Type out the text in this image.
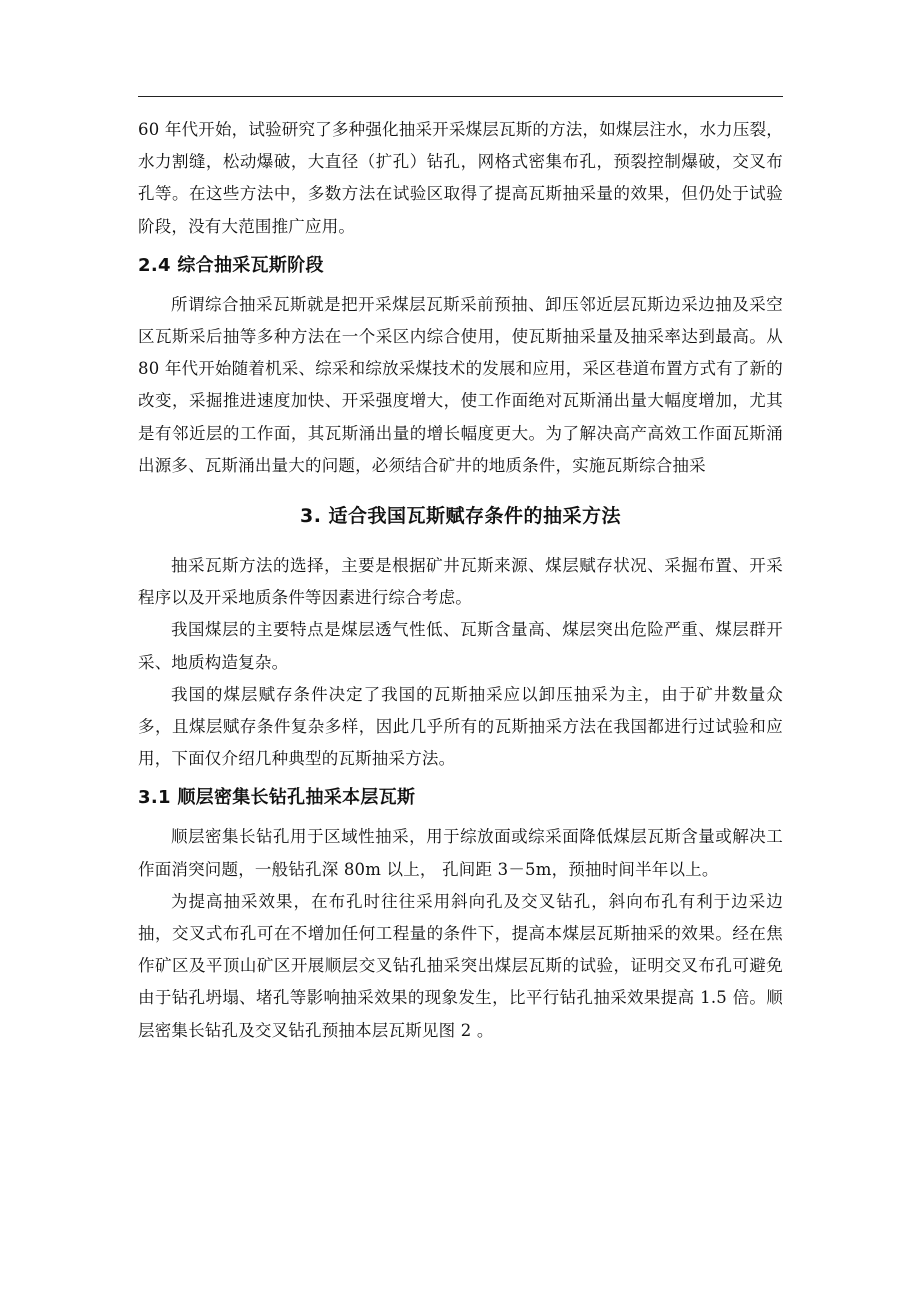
60 年代开始，试验研究了多种强化抽采开采煤层瓦斯的方法，如煤层注水，水力压裂，水力割缝，松动爆破，大直径（扩孔）钻孔，网格式密集布孔，预裂控制爆破，交叉布孔等。在这些方法中，多数方法在试验区取得了提高瓦斯抽采量的效果，但仍处于试验阶段，没有大范围推广应用。

2.4 综合抽采瓦斯阶段

所谓综合抽采瓦斯就是把开采煤层瓦斯采前预抽、卸压邻近层瓦斯边采边抽及采空区瓦斯采后抽等多种方法在一个采区内综合使用，使瓦斯抽采量及抽采率达到最高。从 80 年代开始随着机采、综采和综放采煤技术的发展和应用，采区巷道布置方式有了新的改变，采掘推进速度加快、开采强度增大，使工作面绝对瓦斯涌出量大幅度增加，尤其是有邻近层的工作面，其瓦斯涌出量的增长幅度更大。为了解决高产高效工作面瓦斯涌出源多、瓦斯涌出量大的问题，必须结合矿井的地质条件，实施瓦斯综合抽采

3. 适合我国瓦斯赋存条件的抽采方法

抽采瓦斯方法的选择，主要是根据矿井瓦斯来源、煤层赋存状况、采掘布置、开采程序以及开采地质条件等因素进行综合考虑。

我国煤层的主要特点是煤层透气性低、瓦斯含量高、煤层突出危险严重、煤层群开采、地质构造复杂。

我国的煤层赋存条件决定了我国的瓦斯抽采应以卸压抽采为主，由于矿井数量众多，且煤层赋存条件复杂多样，因此几乎所有的瓦斯抽采方法在我国都进行过试验和应用，下面仅介绍几种典型的瓦斯抽采方法。

3.1 顺层密集长钻孔抽采本层瓦斯

顺层密集长钻孔用于区域性抽采，用于综放面或综采面降低煤层瓦斯含量或解决工作面消突问题，一般钻孔深 80m 以上， 孔间距 3－5m，预抽时间半年以上。

为提高抽采效果，在布孔时往往采用斜向孔及交叉钻孔，斜向布孔有利于边采边抽，交叉式布孔可在不增加任何工程量的条件下，提高本煤层瓦斯抽采的效果。经在焦作矿区及平顶山矿区开展顺层交叉钻孔抽采突出煤层瓦斯的试验，证明交叉布孔可避免由于钻孔坍塌、堵孔等影响抽采效果的现象发生，比平行钻孔抽采效果提高 1.5 倍。顺层密集长钻孔及交叉钻孔预抽本层瓦斯见图 2 。
